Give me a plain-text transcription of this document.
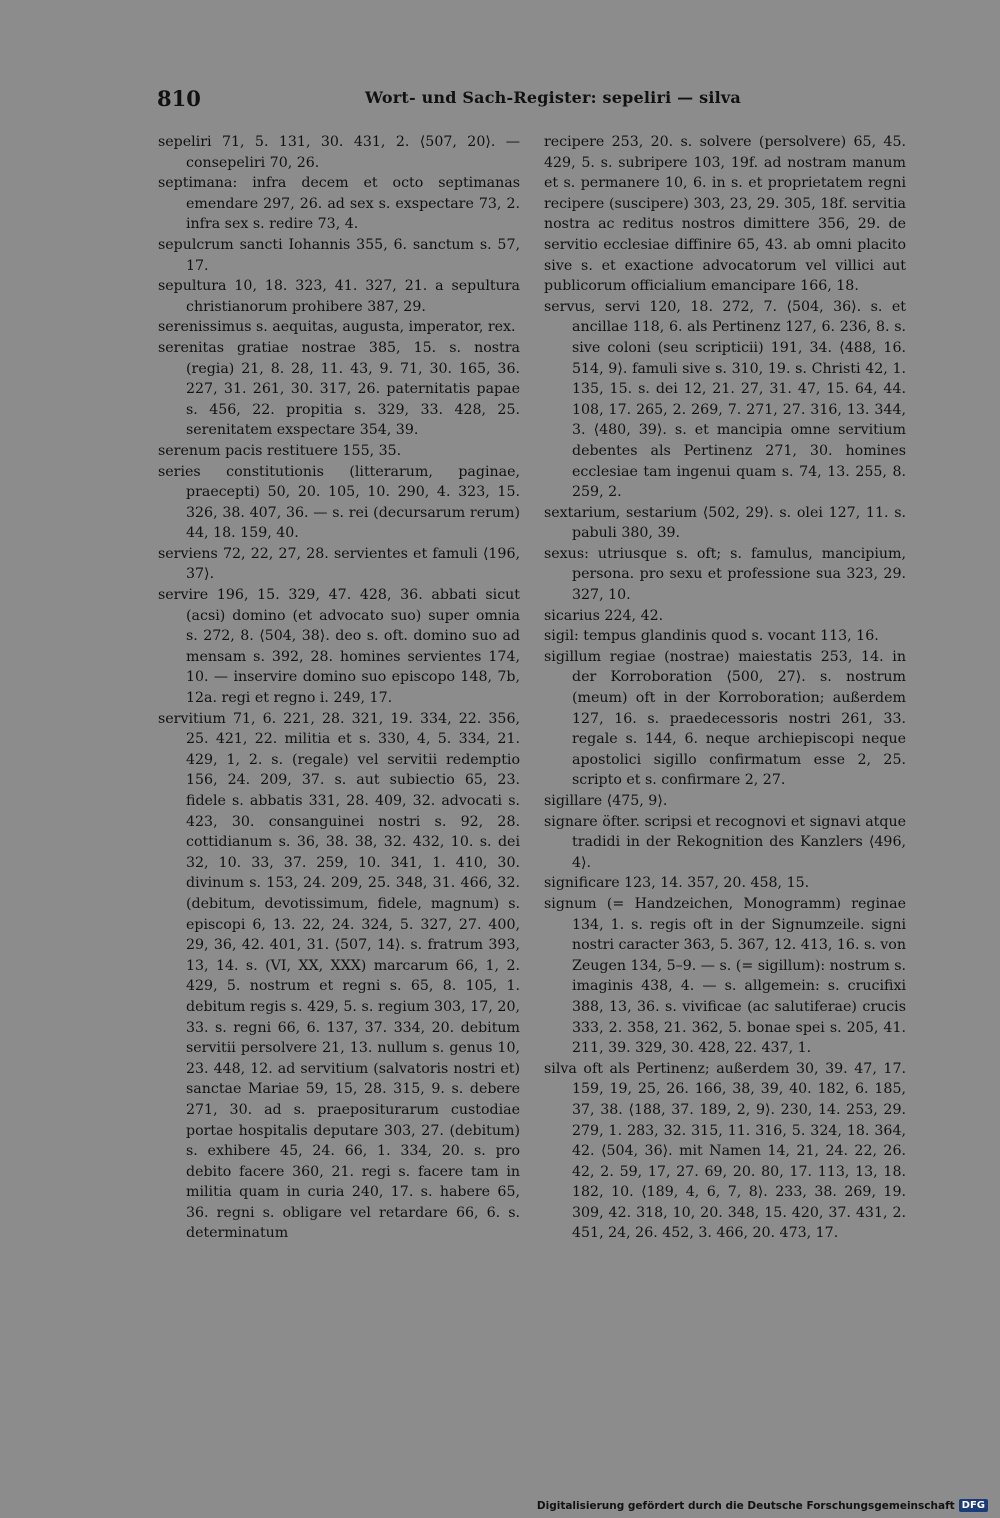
810	Wort- und Sach-Register: sepeliri — silva

sepeliri 71, 5. 131, 30. 431, 2. ⟨507, 20⟩. — consepeliri 70, 26.

septimana: infra decem et octo septimanas emendare 297, 26. ad sex s. exspectare 73, 2. infra sex s. redire 73, 4.

sepulcrum sancti Iohannis 355, 6. sanctum s. 57, 17.

sepultura 10, 18. 323, 41. 327, 21. a sepultura christianorum prohibere 387, 29.

serenissimus s. aequitas, augusta, imperator, rex.

serenitas gratiae nostrae 385, 15. s. nostra (regia) 21, 8. 28, 11. 43, 9. 71, 30. 165, 36. 227, 31. 261, 30. 317, 26. paternitatis papae s. 456, 22. propitia s. 329, 33. 428, 25. serenitatem exspectare 354, 39.

serenum pacis restituere 155, 35.

series constitutionis (litterarum, paginae, praecepti) 50, 20. 105, 10. 290, 4. 323, 15. 326, 38. 407, 36. — s. rei (decursarum rerum) 44, 18. 159, 40.

serviens 72, 22, 27, 28. servientes et famuli ⟨196, 37⟩.

servire 196, 15. 329, 47. 428, 36. abbati sicut (acsi) domino (et advocato suo) super omnia s. 272, 8. ⟨504, 38⟩. deo s. oft. domino suo ad mensam s. 392, 28. homines servientes 174, 10. — inservire domino suo episcopo 148, 7b, 12a. regi et regno i. 249, 17.

servitium 71, 6. 221, 28. 321, 19. 334, 22. 356, 25. 421, 22. militia et s. 330, 4, 5. 334, 21. 429, 1, 2. s. (regale) vel servitii redemptio 156, 24. 209, 37. s. aut subiectio 65, 23. fidele s. abbatis 331, 28. 409, 32. advocati s. 423, 30. consanguinei nostri s. 92, 28. cottidianum s. 36, 38. 38, 32. 432, 10. s. dei 32, 10. 33, 37. 259, 10. 341, 1. 410, 30. divinum s. 153, 24. 209, 25. 348, 31. 466, 32. (debitum, devotissimum, fidele, magnum) s. episcopi 6, 13. 22, 24. 324, 5. 327, 27. 400, 29, 36, 42. 401, 31. ⟨507, 14⟩. s. fratrum 393, 13, 14. s. (VI, XX, XXX) marcarum 66, 1, 2. 429, 5. nostrum et regni s. 65, 8. 105, 1. debitum regis s. 429, 5. s. regium 303, 17, 20, 33. s. regni 66, 6. 137, 37. 334, 20. debitum servitii persolvere 21, 13. nullum s. genus 10, 23. 448, 12. ad servitium (salvatoris nostri et) sanctae Mariae 59, 15, 28. 315, 9. s. debere 271, 30. ad s. praepositurarum custodiae portae hospitalis deputare 303, 27. (debitum) s. exhibere 45, 24. 66, 1. 334, 20. s. pro debito facere 360, 21. regi s. facere tam in militia quam in curia 240, 17. s. habere 65, 36. regni s. obligare vel retardare 66, 6. s. determinatum

recipere 253, 20. s. solvere (persolvere) 65, 45. 429, 5. s. subripere 103, 19f. ad nostram manum et s. permanere 10, 6. in s. et proprietatem regni recipere (suscipere) 303, 23, 29. 305, 18f. servitia nostra ac reditus nostros dimittere 356, 29. de servitio ecclesiae diffinire 65, 43. ab omni placito sive s. et exactione advocatorum vel villici aut publicorum officialium emancipare 166, 18.

servus, servi 120, 18. 272, 7. ⟨504, 36⟩. s. et ancillae 118, 6. als Pertinenz 127, 6. 236, 8. s. sive coloni (seu scripticii) 191, 34. ⟨488, 16. 514, 9⟩. famuli sive s. 310, 19. s. Christi 42, 1. 135, 15. s. dei 12, 21. 27, 31. 47, 15. 64, 44. 108, 17. 265, 2. 269, 7. 271, 27. 316, 13. 344, 3. ⟨480, 39⟩. s. et mancipia omne servitium debentes als Pertinenz 271, 30. homines ecclesiae tam ingenui quam s. 74, 13. 255, 8. 259, 2.

sextarium, sestarium ⟨502, 29⟩. s. olei 127, 11. s. pabuli 380, 39.

sexus: utriusque s. oft; s. famulus, mancipium, persona. pro sexu et professione sua 323, 29. 327, 10.

sicarius 224, 42.

sigil: tempus glandinis quod s. vocant 113, 16.

sigillum regiae (nostrae) maiestatis 253, 14. in der Korroboration ⟨500, 27⟩. s. nostrum (meum) oft in der Korroboration; außerdem 127, 16. s. praedecessoris nostri 261, 33. regale s. 144, 6. neque archiepiscopi neque apostolici sigillo confirmatum esse 2, 25. scripto et s. confirmare 2, 27.

sigillare ⟨475, 9⟩.

signare öfter. scripsi et recognovi et signavi atque tradidi in der Rekognition des Kanzlers ⟨496, 4⟩.

significare 123, 14. 357, 20. 458, 15.

signum (= Handzeichen, Monogramm) reginae 134, 1. s. regis oft in der Signumzeile. signi nostri caracter 363, 5. 367, 12. 413, 16. s. von Zeugen 134, 5–9. — s. (= sigillum): nostrum s. imaginis 438, 4. — s. allgemein: s. crucifixi 388, 13, 36. s. vivificae (ac salutiferae) crucis 333, 2. 358, 21. 362, 5. bonae spei s. 205, 41. 211, 39. 329, 30. 428, 22. 437, 1.

silva oft als Pertinenz; außerdem 30, 39. 47, 17. 159, 19, 25, 26. 166, 38, 39, 40. 182, 6. 185, 37, 38. ⟨188, 37. 189, 2, 9⟩. 230, 14. 253, 29. 279, 1. 283, 32. 315, 11. 316, 5. 324, 18. 364, 42. ⟨504, 36⟩. mit Namen 14, 21, 24. 22, 26. 42, 2. 59, 17, 27. 69, 20. 80, 17. 113, 13, 18. 182, 10. ⟨189, 4, 6, 7, 8⟩. 233, 38. 269, 19. 309, 42. 318, 10, 20. 348, 15. 420, 37. 431, 2. 451, 24, 26. 452, 3. 466, 20. 473, 17.

Digitalisierung gefördert durch die Deutsche Forschungsgemeinschaft DFG
